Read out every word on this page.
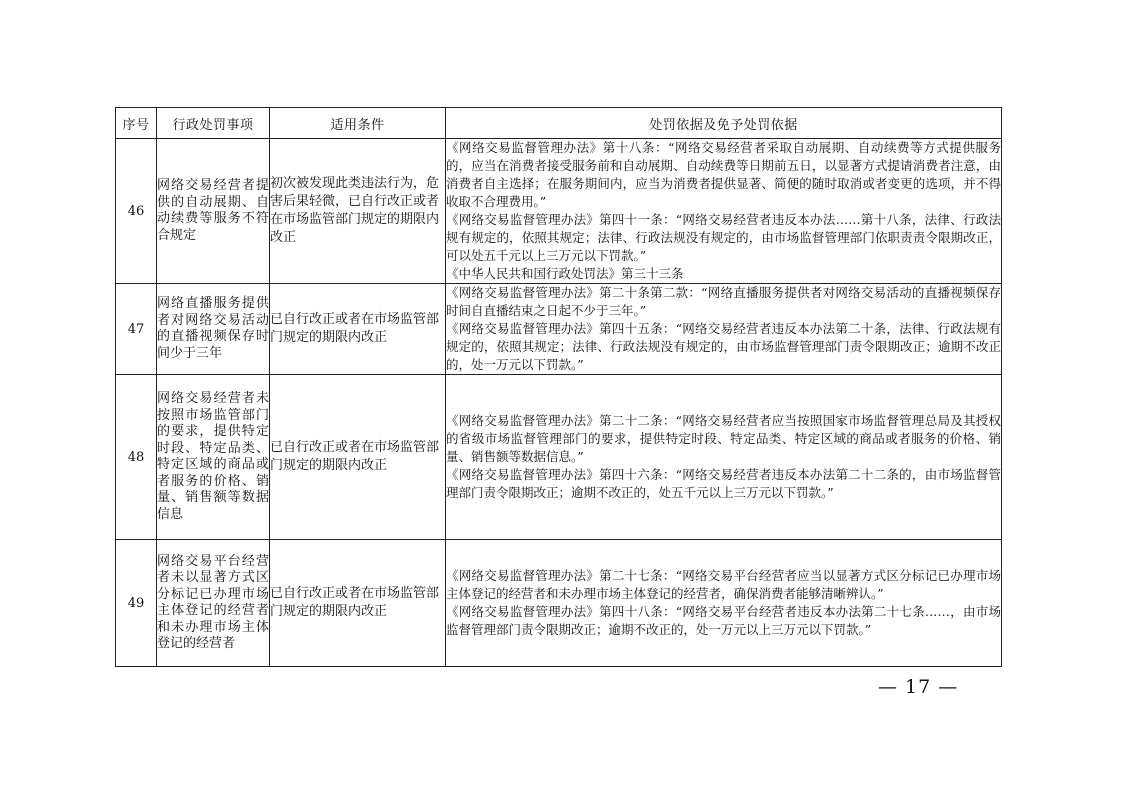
序号	行政处罚事项	适用条件	处罚依据及免予处罚依据
46	网络交易经营者提供的自动展期、自动续费等服务不符合规定	初次被发现此类违法行为，危害后果轻微，已自行改正或者在市场监管部门规定的期限内改正	《网络交易监督管理办法》第十八条：“网络交易经营者采取自动展期、自动续费等方式提供服务的，应当在消费者接受服务前和自动展期、自动续费等日期前五日，以显著方式提请消费者注意，由消费者自主选择；在服务期间内，应当为消费者提供显著、简便的随时取消或者变更的选项，并不得收取不合理费用。”

《网络交易监督管理办法》第四十一条：“网络交易经营者违反本办法……第十八条，法律、行政法规有规定的，依照其规定；法律、行政法规没有规定的，由市场监督管理部门依职责责令限期改正，可以处五千元以上三万元以下罚款。”

《中华人民共和国行政处罚法》第三十三条

47	网络直播服务提供者对网络交易活动的直播视频保存时间少于三年	已自行改正或者在市场监管部门规定的期限内改正	《网络交易监督管理办法》第二十条第二款：“网络直播服务提供者对网络交易活动的直播视频保存时间自直播结束之日起不少于三年。”

《网络交易监督管理办法》第四十五条：“网络交易经营者违反本办法第二十条，法律、行政法规有规定的，依照其规定；法律、行政法规没有规定的，由市场监督管理部门责令限期改正；逾期不改正的，处一万元以下罚款。”

48	网络交易经营者未按照市场监管部门的要求，提供特定时段、特定品类、特定区域的商品或者服务的价格、销量、销售额等数据信息	已自行改正或者在市场监管部门规定的期限内改正	《网络交易监督管理办法》第二十二条：“网络交易经营者应当按照国家市场监督管理总局及其授权的省级市场监督管理部门的要求，提供特定时段、特定品类、特定区域的商品或者服务的价格、销量、销售额等数据信息。”

《网络交易监督管理办法》第四十六条：“网络交易经营者违反本办法第二十二条的，由市场监督管理部门责令限期改正；逾期不改正的，处五千元以上三万元以下罚款。”

49	网络交易平台经营者未以显著方式区分标记已办理市场主体登记的经营者和未办理市场主体登记的经营者	已自行改正或者在市场监管部门规定的期限内改正	《网络交易监督管理办法》第二十七条：“网络交易平台经营者应当以显著方式区分标记已办理市场主体登记的经营者和未办理市场主体登记的经营者，确保消费者能够清晰辨认。”

《网络交易监督管理办法》第四十八条：“网络交易平台经营者违反本办法第二十七条……，由市场监督管理部门责令限期改正；逾期不改正的，处一万元以上三万元以下罚款。”

— 17 —
